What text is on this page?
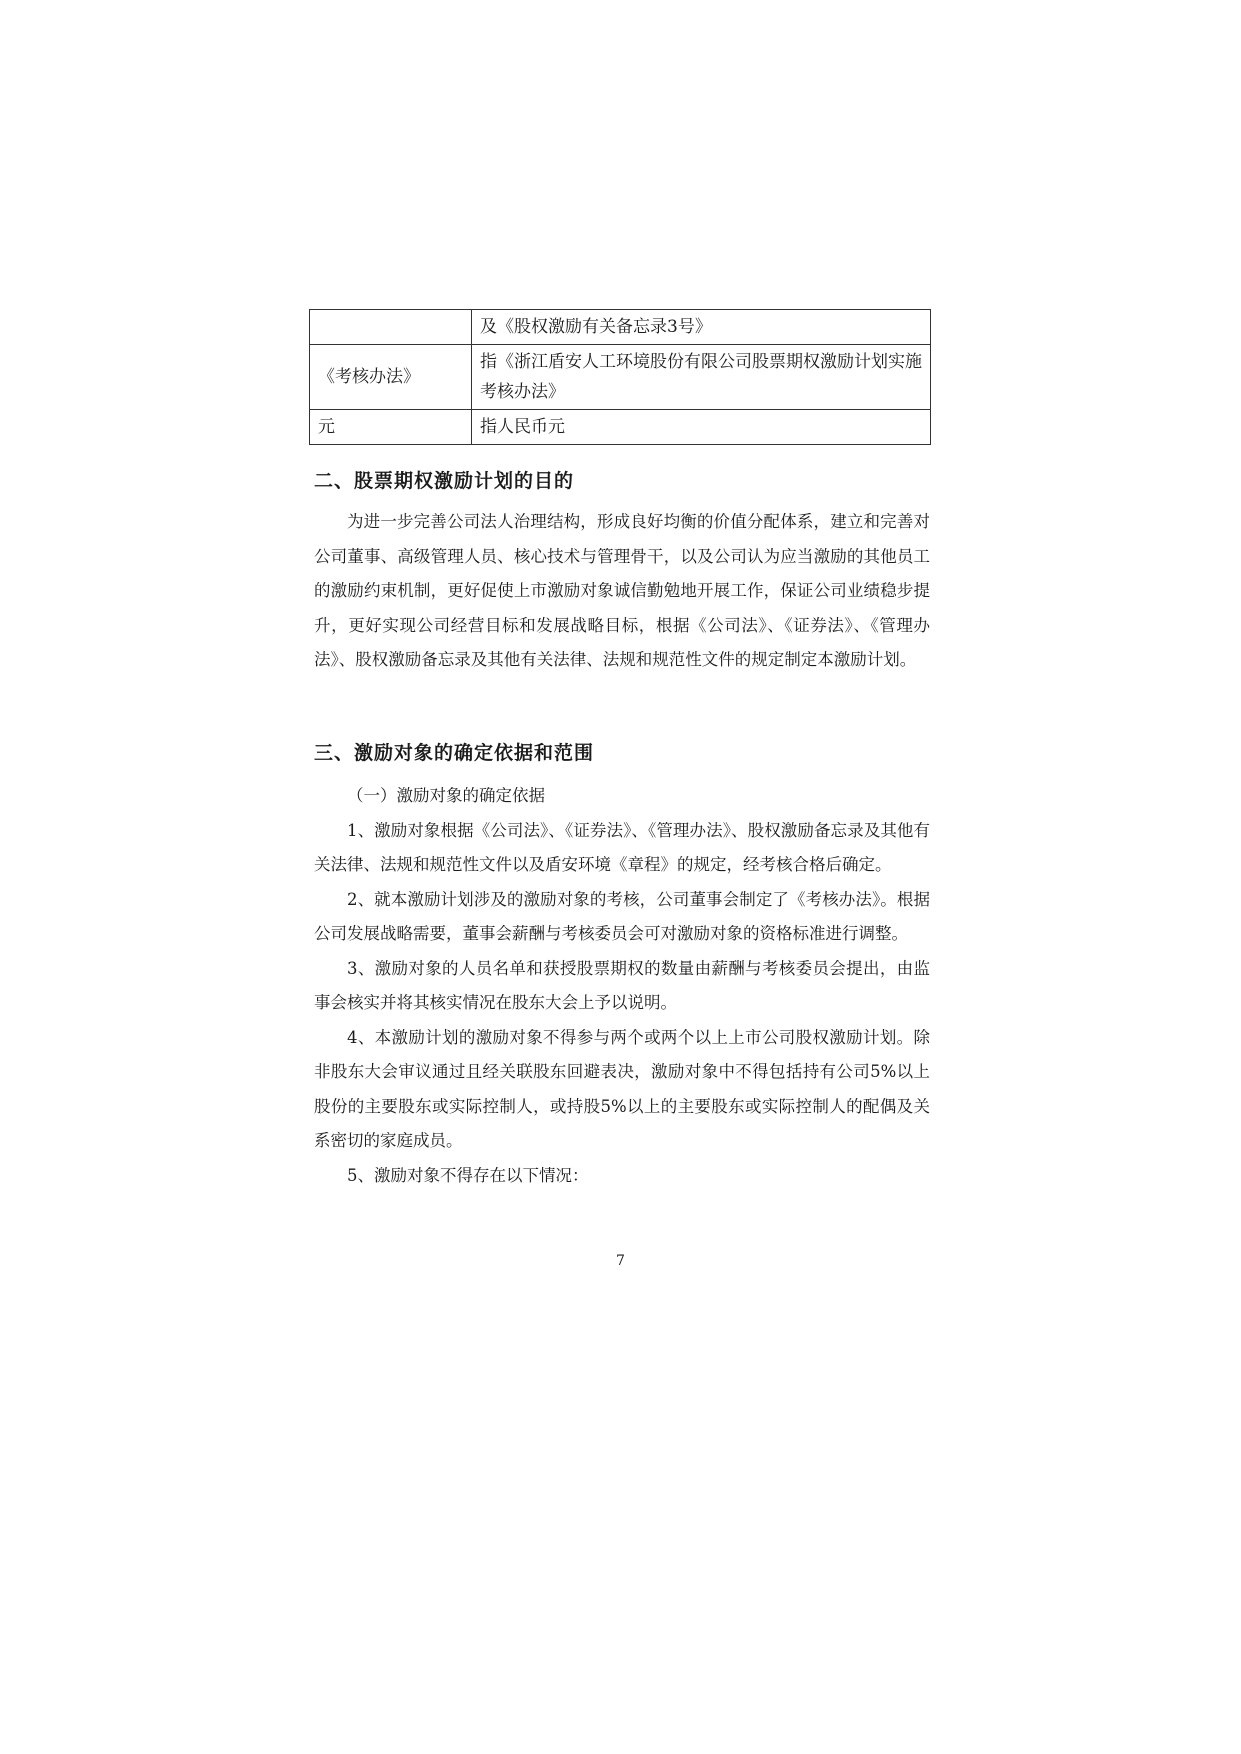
	及《股权激励有关备忘录3号》
《考核办法》	指《浙江盾安人工环境股份有限公司股票期权激励计划实施考核办法》
元	指人民币元
二、股票期权激励计划的目的

为进一步完善公司法人治理结构，形成良好均衡的价值分配体系，建立和完善对公司董事、高级管理人员、核心技术与管理骨干，以及公司认为应当激励的其他员工的激励约束机制，更好促使上市激励对象诚信勤勉地开展工作，保证公司业绩稳步提升，更好实现公司经营目标和发展战略目标，根据《公司法》、《证券法》、《管理办法》、股权激励备忘录及其他有关法律、法规和规范性文件的规定制定本激励计划。

三、激励对象的确定依据和范围

（一）激励对象的确定依据

1、激励对象根据《公司法》、《证券法》、《管理办法》、股权激励备忘录及其他有关法律、法规和规范性文件以及盾安环境《章程》的规定，经考核合格后确定。

2、就本激励计划涉及的激励对象的考核，公司董事会制定了《考核办法》。根据公司发展战略需要，董事会薪酬与考核委员会可对激励对象的资格标准进行调整。

3、激励对象的人员名单和获授股票期权的数量由薪酬与考核委员会提出，由监事会核实并将其核实情况在股东大会上予以说明。

4、本激励计划的激励对象不得参与两个或两个以上上市公司股权激励计划。除非股东大会审议通过且经关联股东回避表决，激励对象中不得包括持有公司5%以上股份的主要股东或实际控制人，或持股5%以上的主要股东或实际控制人的配偶及关系密切的家庭成员。

5、激励对象不得存在以下情况：

7
